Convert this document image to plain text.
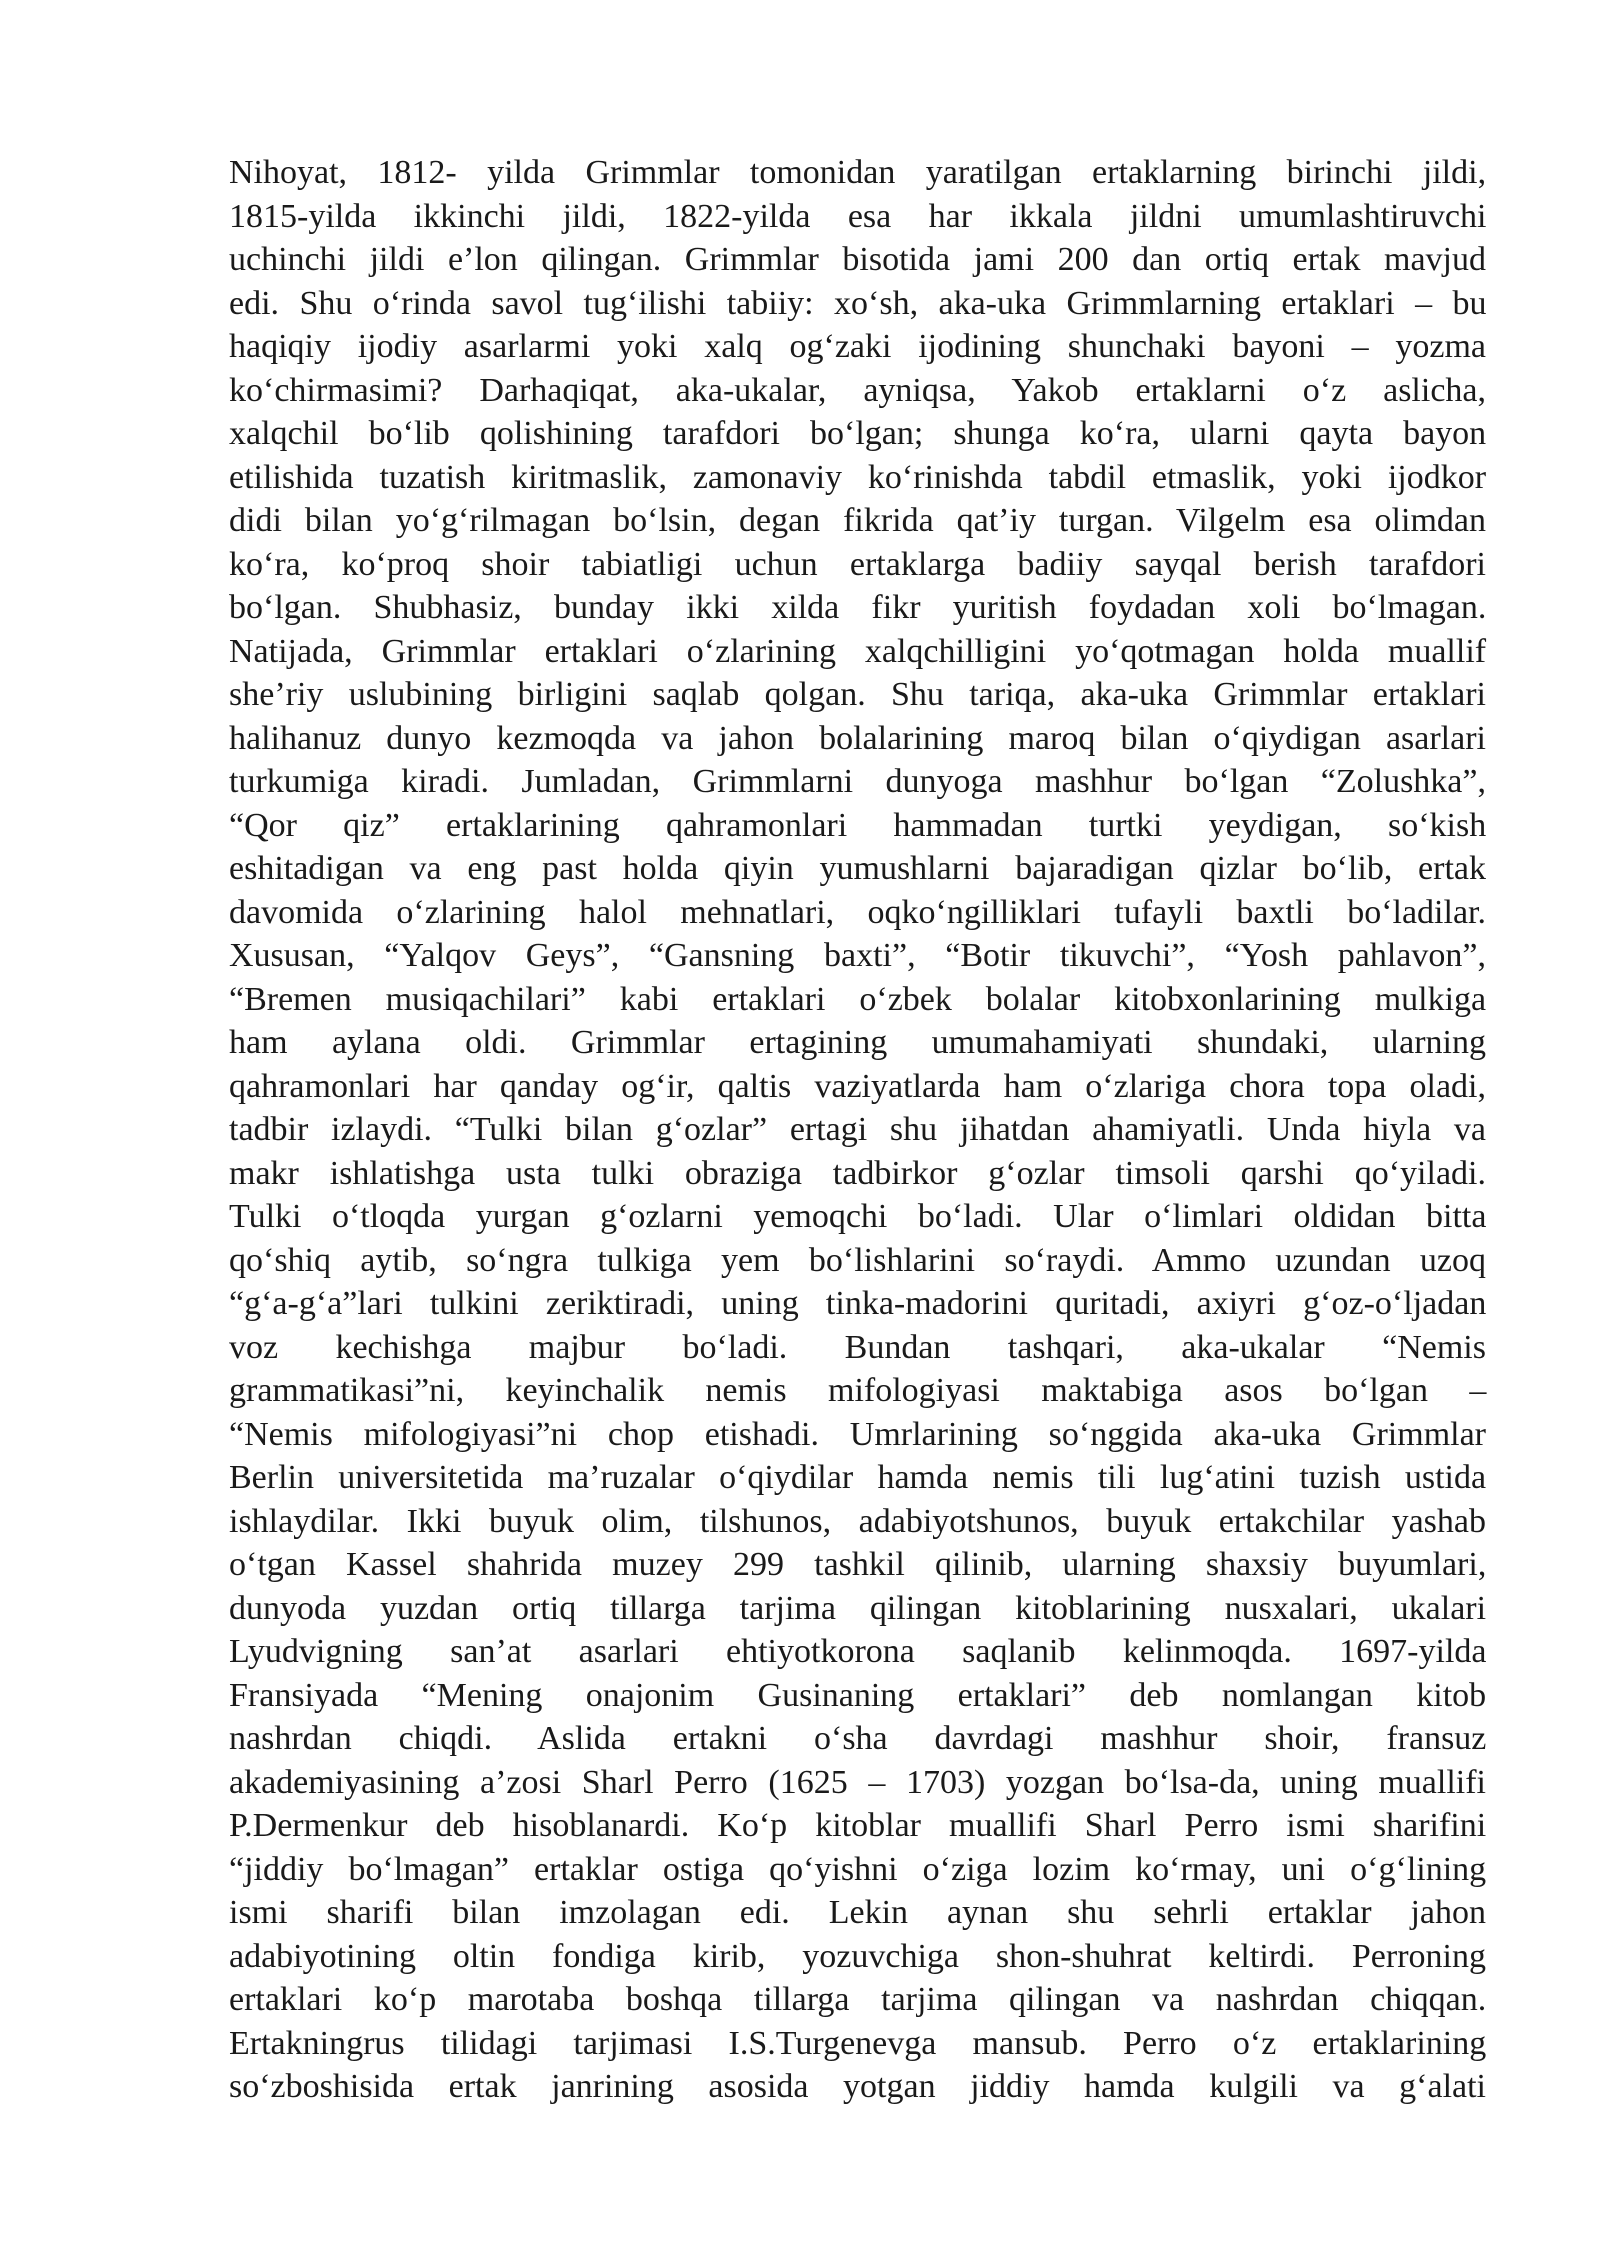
Nihoyat, 1812- yilda Grimmlar tomonidan yaratilgan ertaklarning birinchi jildi,
1815-yilda ikkinchi jildi, 1822-yilda esa har ikkala jildni umumlashtiruvchi
uchinchi jildi e’lon qilingan. Grimmlar bisotida jami 200 dan ortiq ertak mavjud
edi. Shu o‘rinda savol tug‘ilishi tabiiy: xo‘sh, aka-uka Grimmlarning ertaklari – bu
haqiqiy ijodiy asarlarmi yoki xalq og‘zaki ijodining shunchaki bayoni – yozma
ko‘chirmasimi? Darhaqiqat, aka-ukalar, ayniqsa, Yakob ertaklarni o‘z aslicha,
xalqchil bo‘lib qolishining tarafdori bo‘lgan; shunga ko‘ra, ularni qayta bayon
etilishida tuzatish kiritmaslik, zamonaviy ko‘rinishda tabdil etmaslik, yoki ijodkor
didi bilan yo‘g‘rilmagan bo‘lsin, degan fikrida qat’iy turgan. Vilgelm esa olimdan
ko‘ra, ko‘proq shoir tabiatligi uchun ertaklarga badiiy sayqal berish tarafdori
bo‘lgan. Shubhasiz, bunday ikki xilda fikr yuritish foydadan xoli bo‘lmagan.
Natijada, Grimmlar ertaklari o‘zlarining xalqchilligini yo‘qotmagan holda muallif
she’riy uslubining birligini saqlab qolgan. Shu tariqa, aka-uka Grimmlar ertaklari
halihanuz dunyo kezmoqda va jahon bolalarining maroq bilan o‘qiydigan asarlari
turkumiga kiradi. Jumladan, Grimmlarni dunyoga mashhur bo‘lgan “Zolushka”,
“Qor qiz” ertaklarining qahramonlari hammadan turtki yeydigan, so‘kish
eshitadigan va eng past holda qiyin yumushlarni bajaradigan qizlar bo‘lib, ertak
davomida o‘zlarining halol mehnatlari, oqko‘ngilliklari tufayli baxtli bo‘ladilar.
Xususan, “Yalqov Geys”, “Gansning baxti”, “Botir tikuvchi”, “Yosh pahlavon”,
“Bremen musiqachilari” kabi ertaklari o‘zbek bolalar kitobxonlarining mulkiga
ham aylana oldi. Grimmlar ertagining umumahamiyati shundaki, ularning
qahramonlari har qanday og‘ir, qaltis vaziyatlarda ham o‘zlariga chora topa oladi,
tadbir izlaydi. “Tulki bilan g‘ozlar” ertagi shu jihatdan ahamiyatli. Unda hiyla va
makr ishlatishga usta tulki obraziga tadbirkor g‘ozlar timsoli qarshi qo‘yiladi.
Tulki o‘tloqda yurgan g‘ozlarni yemoqchi bo‘ladi. Ular o‘limlari oldidan bitta
qo‘shiq aytib, so‘ngra tulkiga yem bo‘lishlarini so‘raydi. Ammo uzundan uzoq
“g‘a-g‘a”lari tulkini zeriktiradi, uning tinka-madorini quritadi, axiyri g‘oz-o‘ljadan
voz kechishga majbur bo‘ladi. Bundan tashqari, aka-ukalar “Nemis
grammatikasi”ni, keyinchalik nemis mifologiyasi maktabiga asos bo‘lgan –
“Nemis mifologiyasi”ni chop etishadi. Umrlarining so‘nggida aka-uka Grimmlar
Berlin universitetida ma’ruzalar o‘qiydilar hamda nemis tili lug‘atini tuzish ustida
ishlaydilar. Ikki buyuk olim, tilshunos, adabiyotshunos, buyuk ertakchilar yashab
o‘tgan Kassel shahrida muzey 299 tashkil qilinib, ularning shaxsiy buyumlari,
dunyoda yuzdan ortiq tillarga tarjima qilingan kitoblarining nusxalari, ukalari
Lyudvigning san’at asarlari ehtiyotkorona saqlanib kelinmoqda. 1697-yilda
Fransiyada “Mening onajonim Gusinaning ertaklari” deb nomlangan kitob
nashrdan chiqdi. Aslida ertakni o‘sha davrdagi mashhur shoir, fransuz
akademiyasining a’zosi Sharl Perro (1625 – 1703) yozgan bo‘lsa-da, uning muallifi
P.Dermenkur deb hisoblanardi. Ko‘p kitoblar muallifi Sharl Perro ismi sharifini
“jiddiy bo‘lmagan” ertaklar ostiga qo‘yishni o‘ziga lozim ko‘rmay, uni o‘g‘lining
ismi sharifi bilan imzolagan edi. Lekin aynan shu sehrli ertaklar jahon
adabiyotining oltin fondiga kirib, yozuvchiga shon-shuhrat keltirdi. Perroning
ertaklari ko‘p marotaba boshqa tillarga tarjima qilingan va nashrdan chiqqan.
Ertakningrus tilidagi tarjimasi I.S.Turgenevga mansub. Perro o‘z ertaklarining
so‘zboshisida ertak janrining asosida yotgan jiddiy hamda kulgili va g‘alati
